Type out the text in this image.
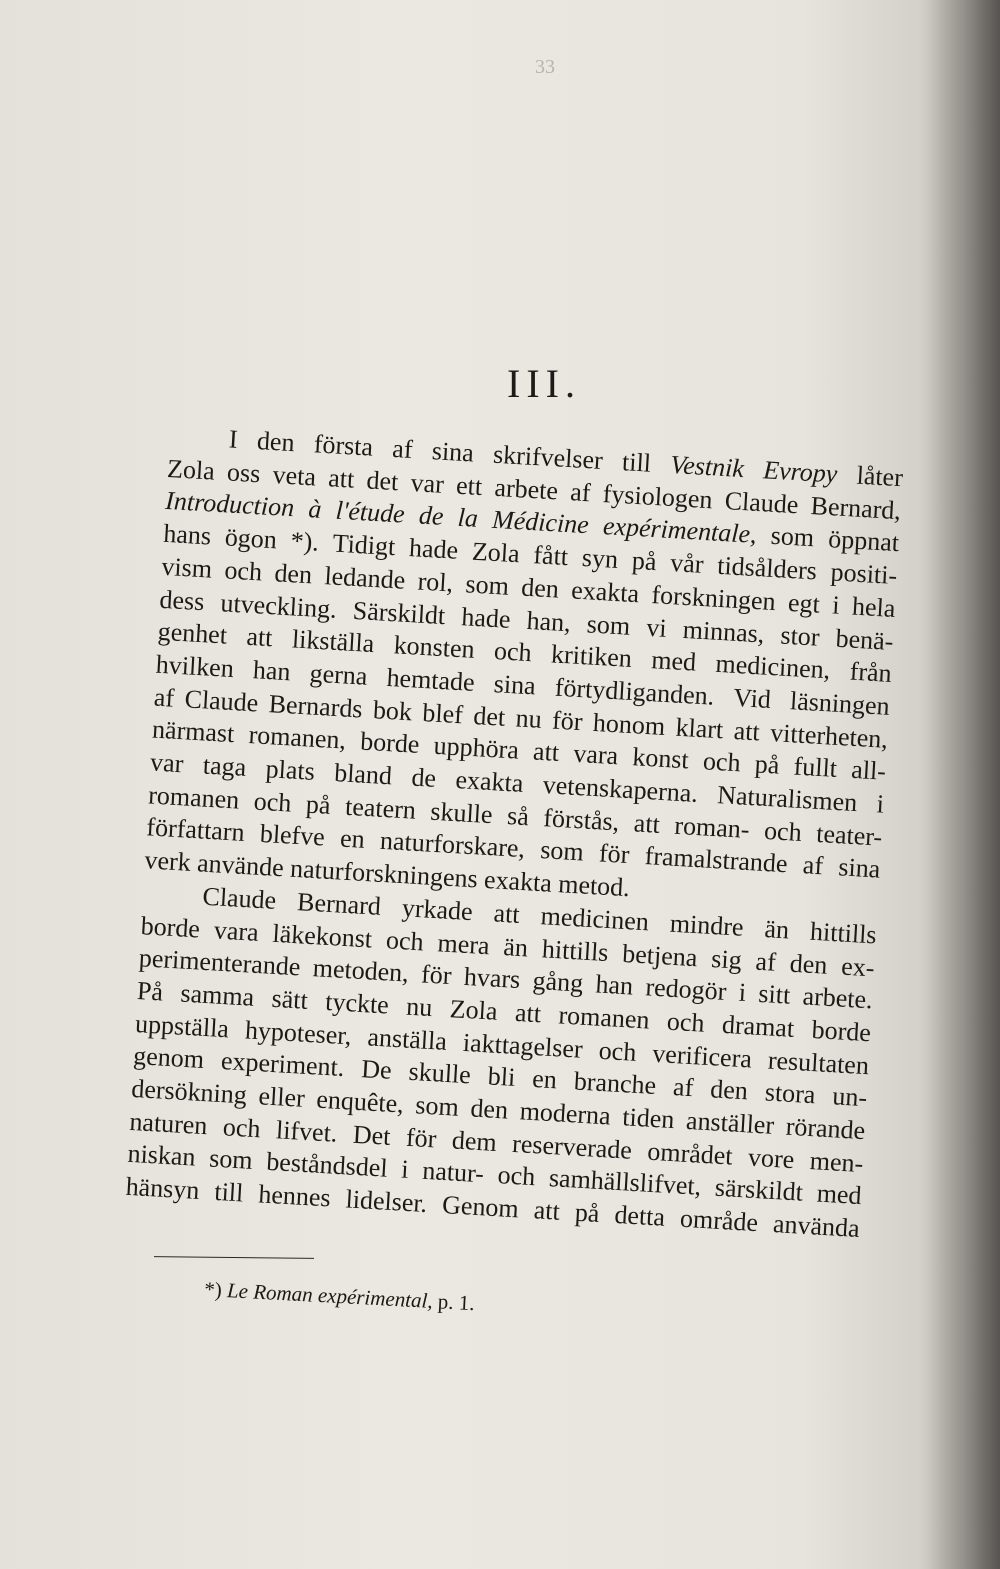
33

III.
I den första af sina skrifvelser till Vestnik Evropy låter
Zola oss veta att det var ett arbete af fysiologen Claude Bernard,
Introduction à l'étude de la Médicine expérimentale, som öppnat
hans ögon *). Tidigt hade Zola fått syn på vår tidsålders positi-
vism och den ledande rol, som den exakta forskningen egt i hela
dess utveckling. Särskildt hade han, som vi minnas, stor benä-
genhet att likställa konsten och kritiken med medicinen, från
hvilken han gerna hemtade sina förtydliganden. Vid läsningen
af Claude Bernards bok blef det nu för honom klart att vitterheten,
närmast romanen, borde upphöra att vara konst och på fullt all-
var taga plats bland de exakta vetenskaperna. Naturalismen i
romanen och på teatern skulle så förstås, att roman- och teater-
författarn blefve en naturforskare, som för framalstrande af sina
verk
använde
naturforskningens
exakta
metod.

Claude Bernard yrkade att medicinen mindre än hittills
borde vara läkekonst och mera än hittills betjena sig af den ex-
perimenterande metoden, för hvars gång han redogör i sitt arbete.
På samma sätt tyckte nu Zola att romanen och dramat borde
uppställa hypoteser, anställa iakttagelser och verificera resultaten
genom experiment. De skulle bli en branche af den stora un-
dersökning eller enquête, som den moderna tiden anställer rörande
naturen och lifvet. Det för dem reserverade området vore men-
niskan som beståndsdel i natur- och samhällslifvet, särskildt med
hänsyn till hennes lidelser. Genom att på detta område använda
*) Le Roman expérimental, p. 1.
